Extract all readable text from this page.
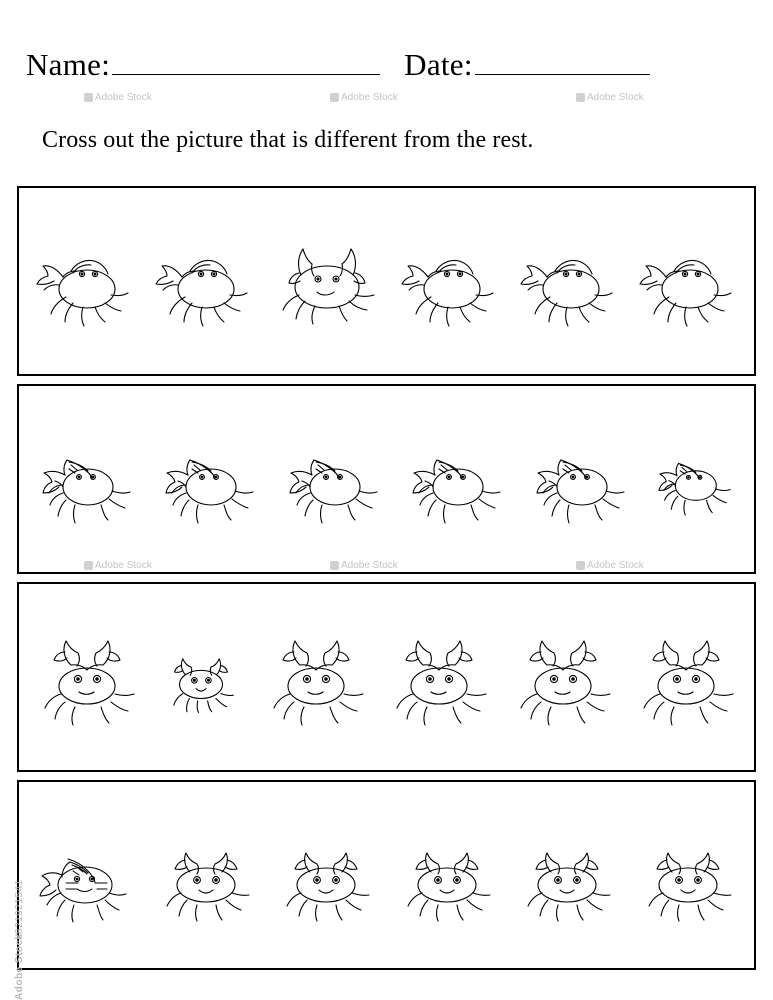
Name:	Date:
Cross out the picture that is different from the rest.
#821921541
Adobe Stock
Adobe Stock	Adobe Stock	Adobe Stock
Adobe Stock	Adobe Stock	Adobe Stock
